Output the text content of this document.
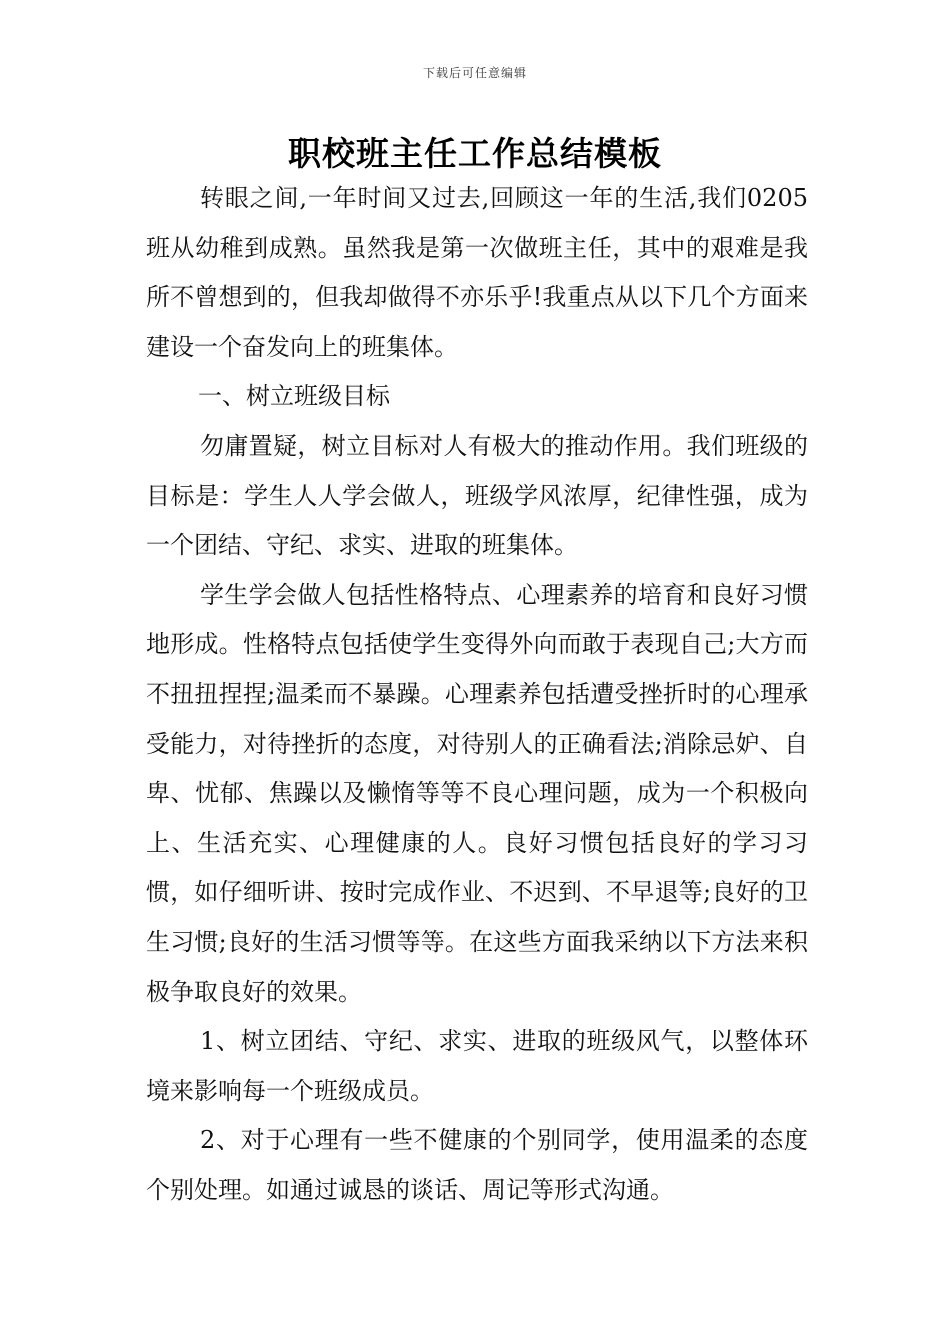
下载后可任意编辑
职校班主任工作总结模板

转眼之间,一年时间又过去,回顾这一年的生活,我们0205班从幼稚到成熟。虽然我是第一次做班主任，其中的艰难是我所不曾想到的，但我却做得不亦乐乎!我重点从以下几个方面来建设一个奋发向上的班集体。

一、树立班级目标

勿庸置疑，树立目标对人有极大的推动作用。我们班级的目标是：学生人人学会做人，班级学风浓厚，纪律性强，成为一个团结、守纪、求实、进取的班集体。

学生学会做人包括性格特点、心理素养的培育和良好习惯地形成。性格特点包括使学生变得外向而敢于表现自己;大方而不扭扭捏捏;温柔而不暴躁。心理素养包括遭受挫折时的心理承受能力，对待挫折的态度，对待别人的正确看法;消除忌妒、自卑、忧郁、焦躁以及懒惰等等不良心理问题，成为一个积极向上、生活充实、心理健康的人。良好习惯包括良好的学习习惯，如仔细听讲、按时完成作业、不迟到、不早退等;良好的卫生习惯;良好的生活习惯等等。在这些方面我采纳以下方法来积极争取良好的效果。

1、树立团结、守纪、求实、进取的班级风气，以整体环境来影响每一个班级成员。

2、对于心理有一些不健康的个别同学，使用温柔的态度个别处理。如通过诚恳的谈话、周记等形式沟通。
